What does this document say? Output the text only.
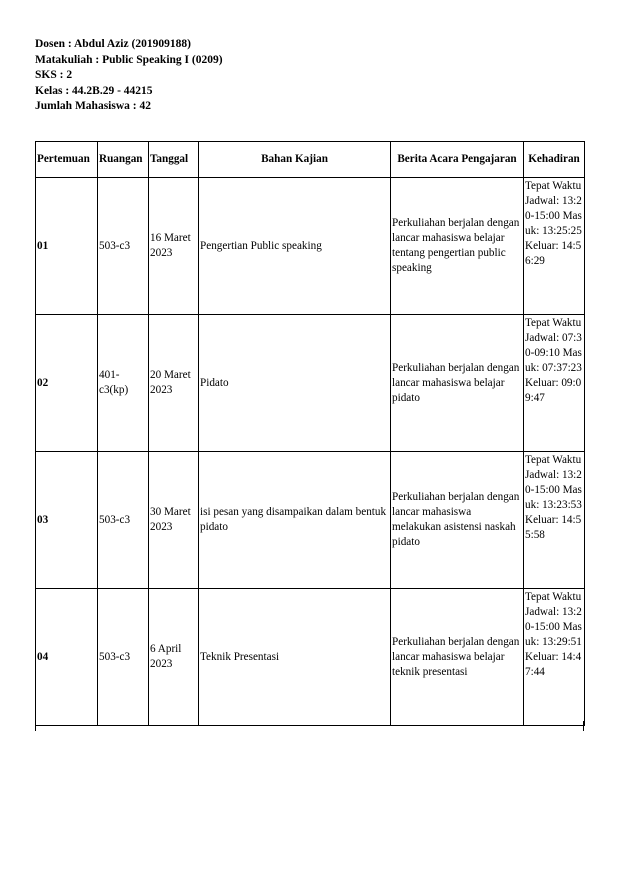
Dosen : Abdul Aziz (201909188)
Matakuliah : Public Speaking I (0209)
SKS : 2
Kelas : 44.2B.29 - 44215
Jumlah Mahasiswa : 42
Pertemuan	Ruangan	Tanggal	Bahan Kajian	Berita Acara Pengajaran	Kehadiran
01	503-c3	16 Maret 2023	Pengertian Public speaking	Perkuliahan berjalan dengan lancar mahasiswa belajar tentang pengertian public speaking	Tepat Waktu Jadwal: 13:20-15:00 Masuk: 13:25:25 Keluar: 14:56:29
02	401-c3(kp)	20 Maret 2023	Pidato	Perkuliahan berjalan dengan lancar mahasiswa belajar pidato	Tepat Waktu Jadwal: 07:30-09:10 Masuk: 07:37:23 Keluar: 09:09:47
03	503-c3	30 Maret 2023	isi pesan yang disampaikan dalam bentuk pidato	Perkuliahan berjalan dengan lancar mahasiswa melakukan asistensi naskah pidato	Tepat Waktu Jadwal: 13:20-15:00 Masuk: 13:23:53 Keluar: 14:55:58
04	503-c3	6 April 2023	Teknik Presentasi	Perkuliahan berjalan dengan lancar mahasiswa belajar teknik presentasi	Tepat Waktu Jadwal: 13:20-15:00 Masuk: 13:29:51 Keluar: 14:47:44
